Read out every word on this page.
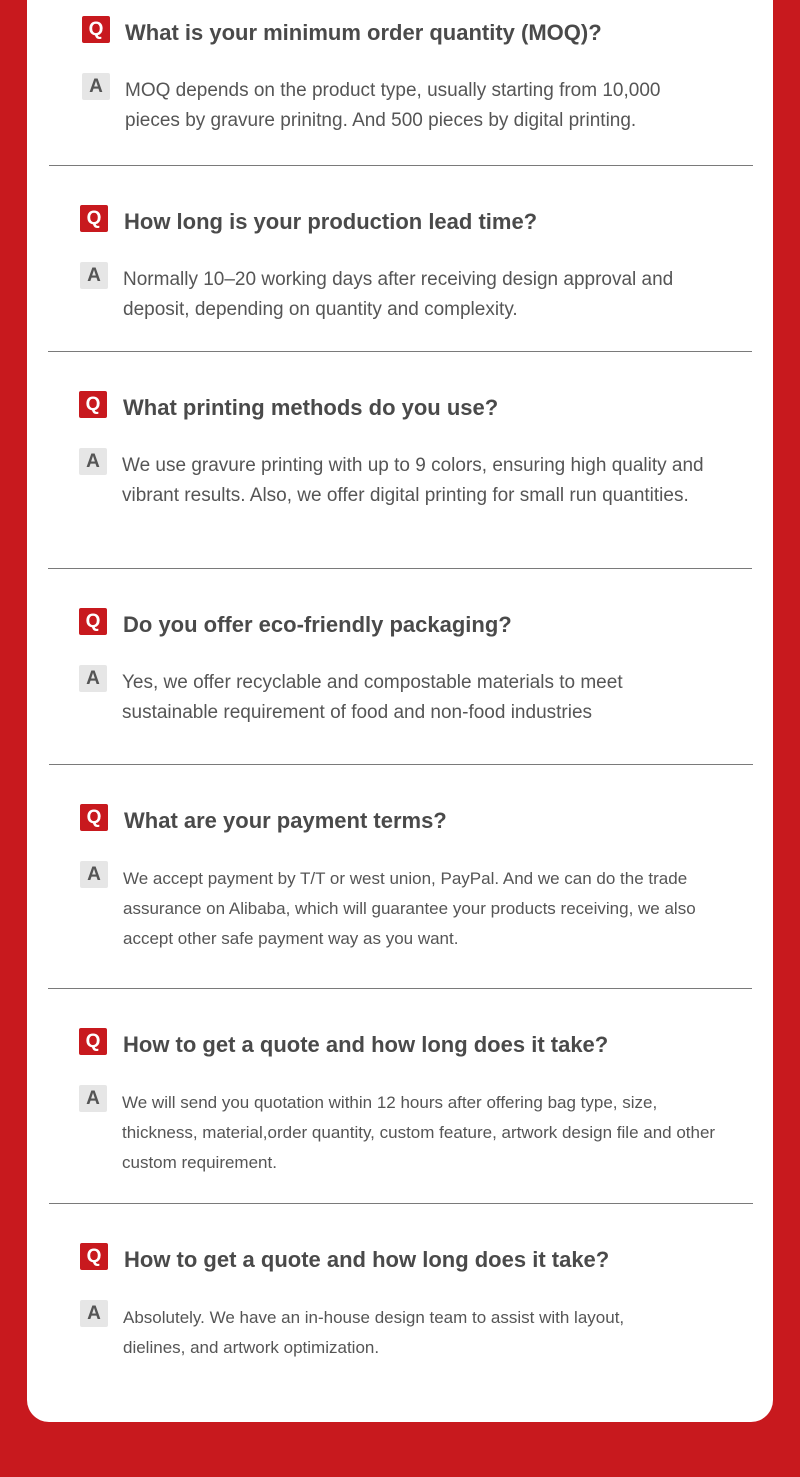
Q What is your minimum order quantity (MOQ)?
A	MOQ depends on the product type, usually starting from 10,000 pieces by gravure prinitng. And 500 pieces by digital printing.
Q	How long is your production lead time?
A	Normally 10–20 working days after receiving design approval and deposit, depending on quantity and complexity.
Q	What printing methods do you use?
A	We use gravure printing with up to 9 colors, ensuring high quality and vibrant results. Also, we offer digital printing for small run quantities.
Q	Do you offer eco-friendly packaging?
A	Yes, we offer recyclable and compostable materials to meet sustainable requirement of food and non-food industries
Q	What are your payment terms?
A	We accept payment by T/T or west union, PayPal. And we can do the trade assurance on Alibaba, which will guarantee your products receiving, we also accept other safe payment way as you want.
Q	How to get a quote and how long does it take?
A	We will send you quotation within 12 hours after offering bag type, size, thickness, material,order quantity, custom feature, artwork design file and other custom requirement.
Q	How to get a quote and how long does it take?
A	Absolutely. We have an in-house design team to assist with layout, dielines, and artwork optimization.
